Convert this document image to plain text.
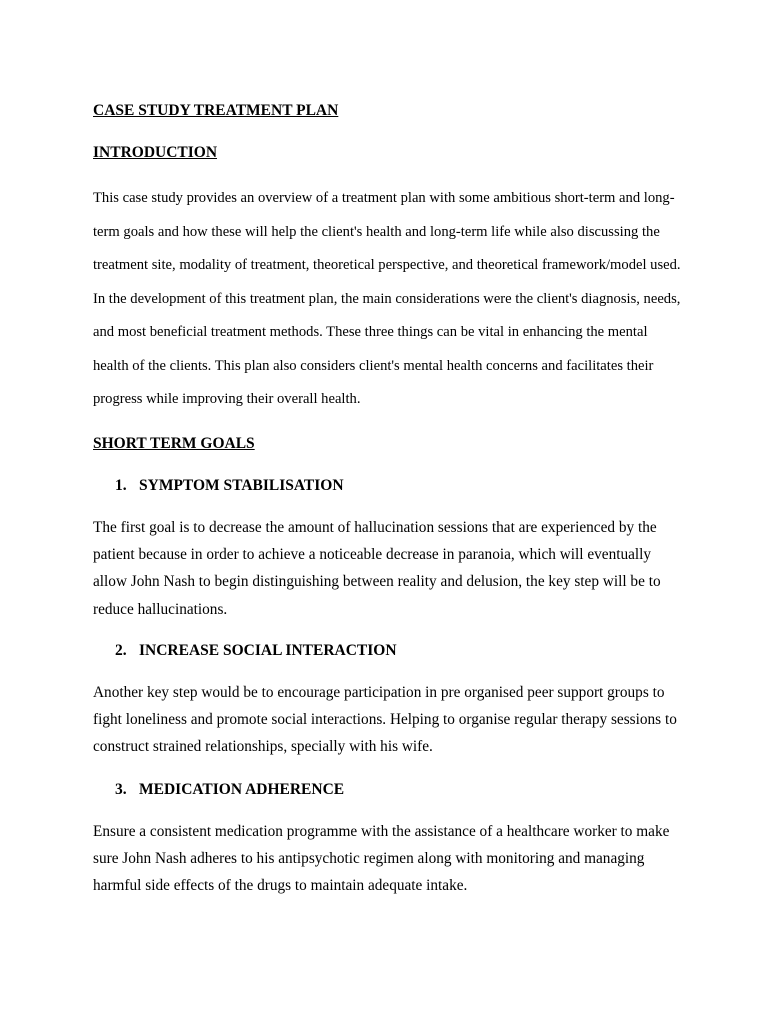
CASE STUDY TREATMENT PLAN
INTRODUCTION

This case study provides an overview of a treatment plan with some ambitious short-term and long-term goals and how these will help the client's health and long-term life while also discussing the treatment site, modality of treatment, theoretical perspective, and theoretical framework/model used. In the development of this treatment plan, the main considerations were the client's diagnosis, needs, and most beneficial treatment methods. These three things can be vital in enhancing the mental health of the clients. This plan also considers client's mental health concerns and facilitates their progress while improving their overall health.

SHORT TERM GOALS
1. SYMPTOM STABILISATION

The first goal is to decrease the amount of hallucination sessions that are experienced by the patient because in order to achieve a noticeable decrease in paranoia, which will eventually allow John Nash to begin distinguishing between reality and delusion, the key step will be to reduce hallucinations.

2. INCREASE SOCIAL INTERACTION

Another key step would be to encourage participation in pre organised peer support groups to fight loneliness and promote social interactions. Helping to organise regular therapy sessions to construct strained relationships, specially with his wife.

3. MEDICATION ADHERENCE

Ensure a consistent medication programme with the assistance of a healthcare worker to make sure John Nash adheres to his antipsychotic regimen along with monitoring and managing harmful side effects of the drugs to maintain adequate intake.
